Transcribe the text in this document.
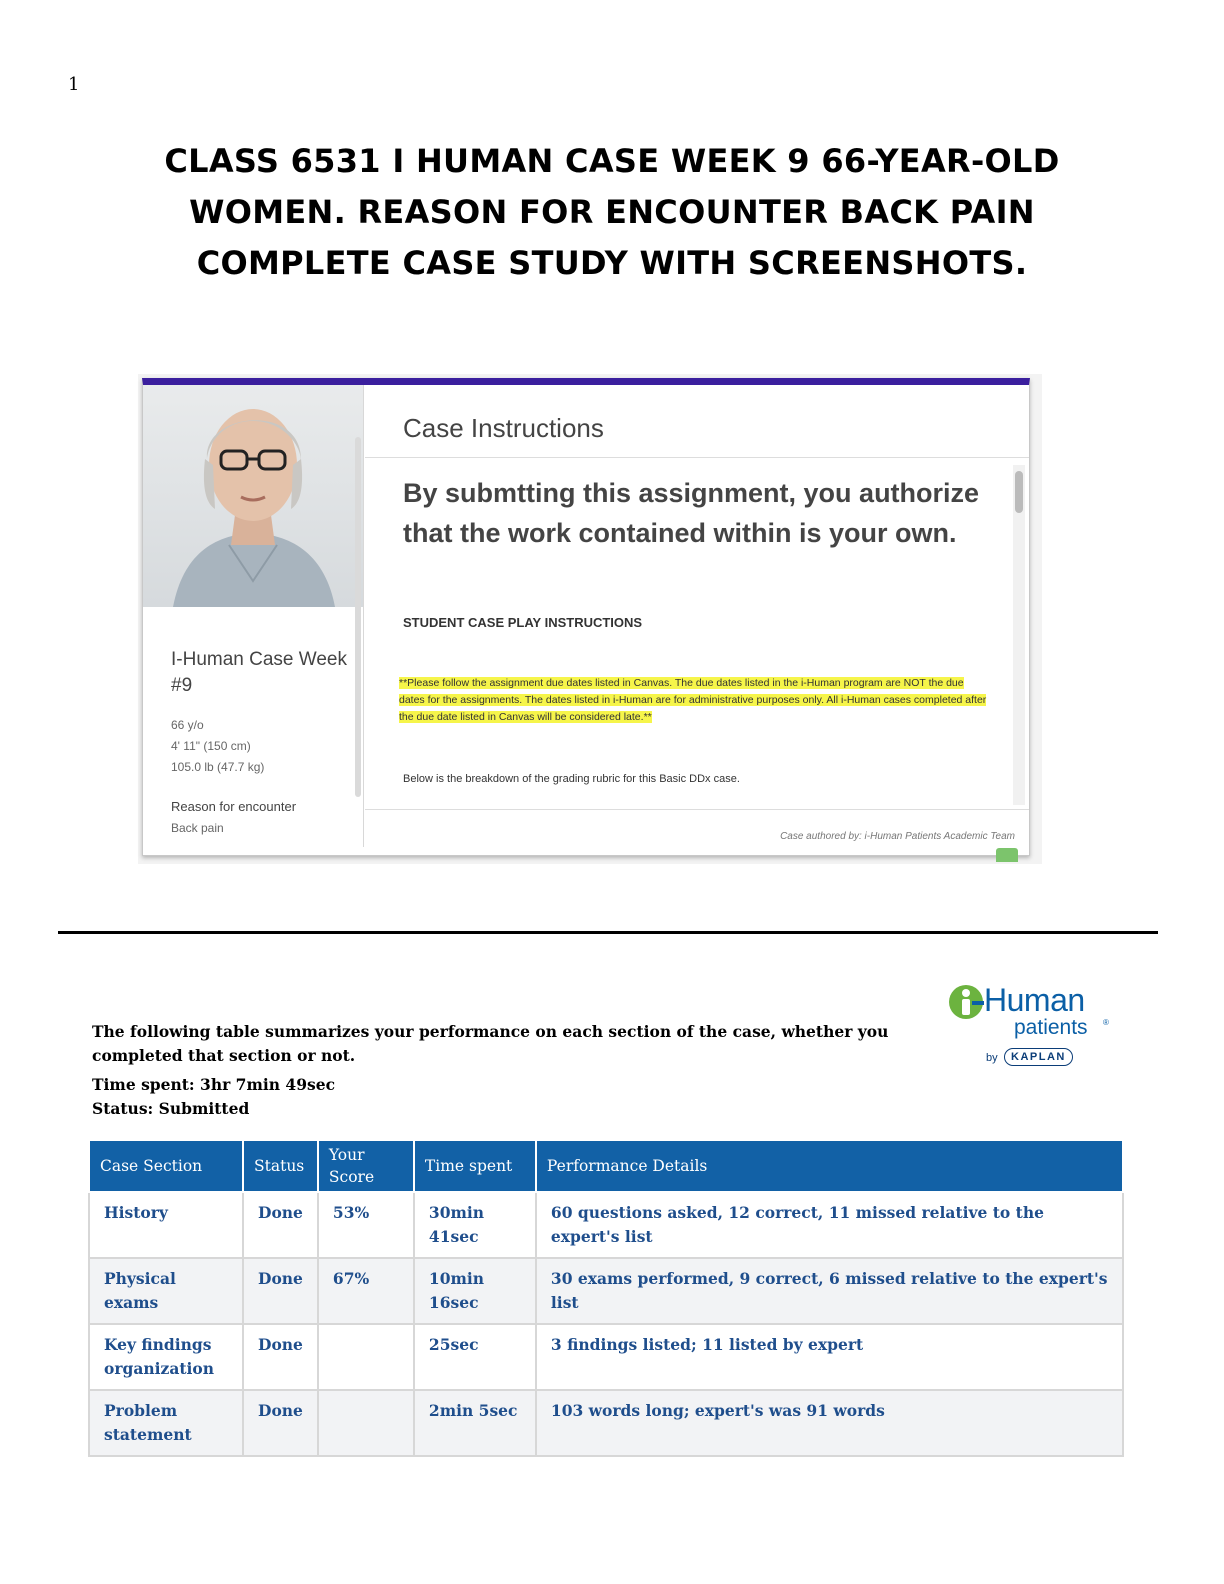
1
CLASS 6531 I HUMAN CASE WEEK 9 66-YEAR-OLD
WOMEN. REASON FOR ENCOUNTER BACK PAIN
COMPLETE CASE STUDY WITH SCREENSHOTS.
I-Human Case Week #9
66 y/o
4' 11" (150 cm)
105.0 lb (47.7 kg)
Reason for encounter
Back pain
Case Instructions
By submtting this assignment, you authorize that the work contained within is your own.
STUDENT CASE PLAY INSTRUCTIONS
**Please follow the assignment due dates listed in Canvas. The due dates listed in the i-Human program are NOT the due dates for the assignments. The dates listed in i-Human are for administrative purposes only. All i-Human cases completed after the due date listed in Canvas will be considered late.**
Below is the breakdown of the grading rubric for this Basic DDx case.
Case authored by: i-Human Patients Academic Team
Human
patients ®
by	KAPLAN

The following table summarizes your performance on each section of the case, whether you completed that section or not.

Time spent: 3hr 7min 49sec
Status: Submitted
Case Section	Status	Your Score	Time spent	Performance Details
History	Done	53%	30min 41sec	60 questions asked, 12 correct, 11 missed relative to the expert's list
Physical exams	Done	67%	10min 16sec	30 exams performed, 9 correct, 6 missed relative to the expert's list
Key findings organization	Done		25sec	3 findings listed; 11 listed by expert
Problem statement	Done		2min 5sec	103 words long; expert's was 91 words
